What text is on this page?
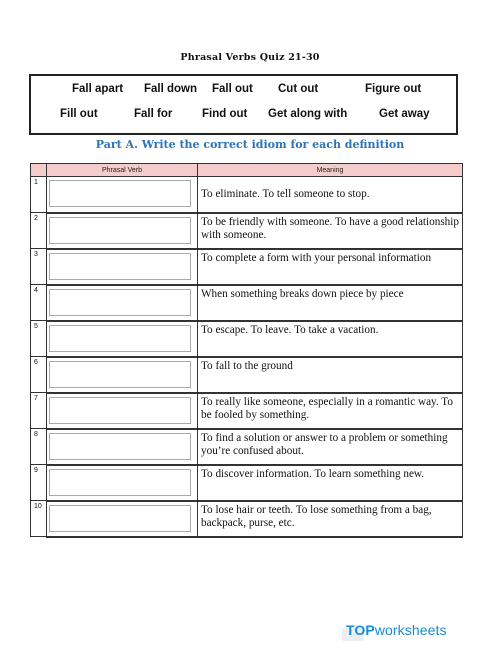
Phrasal Verbs Quiz 21-30
Fall apart Fall down Fall out Cut out	Figure out
Fill out	Fall for	Find out Get along with	Get away
Part A. Write the correct idiom for each definition
	Phrasal Verb	Meaning
1		To eliminate. To tell someone to stop.

2		To be friendly with someone. To have a good relationship with someone.

3		To complete a form with your personal information

4		When something breaks down piece by piece

5		To escape. To leave. To take a vacation.

6		To fall to the ground

7		To really like someone, especially in a romantic way. To be fooled by something.

8		To find a solution or answer to a problem or something you’re confused about.

9		To discover information. To learn something new.

10		To lose hair or teeth. To lose something from a bag, backpack, purse, etc.
TOPworksheets
